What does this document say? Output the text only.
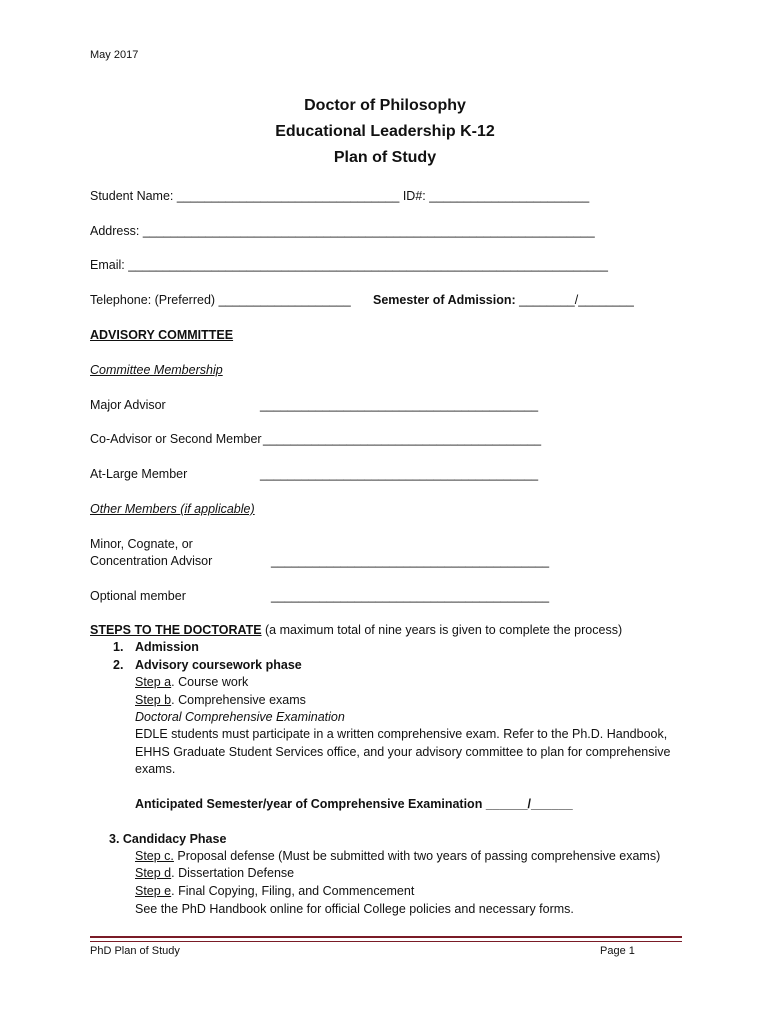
May 2017
Doctor of Philosophy
Educational Leadership K-12
Plan of Study
Student Name: ________________________________ ID#: _______________________
Address: _________________________________________________________________
Email: _____________________________________________________________________
Telephone: (Preferred) ___________________ Semester of Admission: ________/________
ADVISORY COMMITTEE
Committee Membership
Major Advisor	________________________________________
Co-Advisor or Second Member ________________________________________
At-Large Member	________________________________________
Other Members (if applicable)
Minor, Cognate, or
Concentration Advisor	________________________________________
Optional member	________________________________________
STEPS TO THE DOCTORATE (a maximum total of nine years is given to complete the process)
1. Admission
2. Advisory coursework phase
Step a. Course work
Step b. Comprehensive exams
Doctoral Comprehensive Examination
EDLE students must participate in a written comprehensive exam. Refer to the Ph.D. Handbook,
EHHS Graduate Student Services office, and your advisory committee to plan for comprehensive
exams.
Anticipated Semester/year of Comprehensive Examination ______/______
3. Candidacy Phase
Step c. Proposal defense (Must be submitted with two years of passing comprehensive exams)
Step d. Dissertation Defense
Step e. Final Copying, Filing, and Commencement
See the PhD Handbook online for official College policies and necessary forms.
PhD Plan of Study	Page 1
